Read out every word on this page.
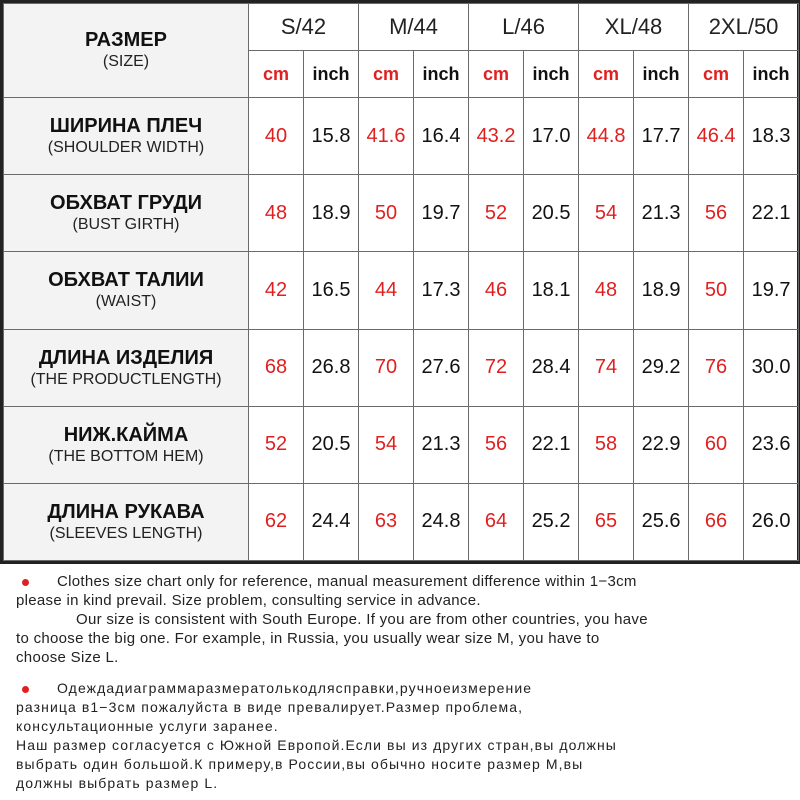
РАЗМЕР
(SIZE)	S/42		M/44		L/46		XL/48		2XL/50	
	cm	inch	cm	inch	cm	inch	cm	inch	cm	inch

ШИРИНА ПЛЕЧ
(SHOULDER WIDTH)	40	15.8	41.6	16.4	43.2	17.0	44.8	17.7	46.4	18.3

ОБХВАТ ГРУДИ
(BUST GIRTH)	48	18.9	50	19.7	52	20.5	54	21.3	56	22.1

ОБХВАТ ТАЛИИ
(WAIST)	42	16.5	44	17.3	46	18.1	48	18.9	50	19.7

ДЛИНА ИЗДЕЛИЯ
(THE PRODUCTLENGTH)	68	26.8	70	27.6	72	28.4	74	29.2	76	30.0

НИЖ.КАЙМА
(THE BOTTOM HEM)	52	20.5	54	21.3	56	22.1	58	22.9	60	23.6

ДЛИНА РУКАВА
(SLEEVES LENGTH)	62	24.4	63	24.8	64	25.2	65	25.6	66	26.0
Clothes size chart only for reference, manual measurement difference within 1−3cm
please in kind prevail. Size problem, consulting service in advance.
Our size is consistent with South Europe. If you are from other countries, you have
to choose the big one. For example, in Russia, you usually wear size M, you have to
choose Size L.
Одеждадиаграммаразмератолькодляcправки,ручноеизмерение
разница в1−3см пожалуйста в виде превалирует.Размер проблема,
консультационные услуги заранее.
Наш размер согласуется с Южной Европой.Если вы из других стран,вы должны
выбрать один большой.К примеру,в России,вы обычно носите размер M,вы
должны выбрать размер L.
